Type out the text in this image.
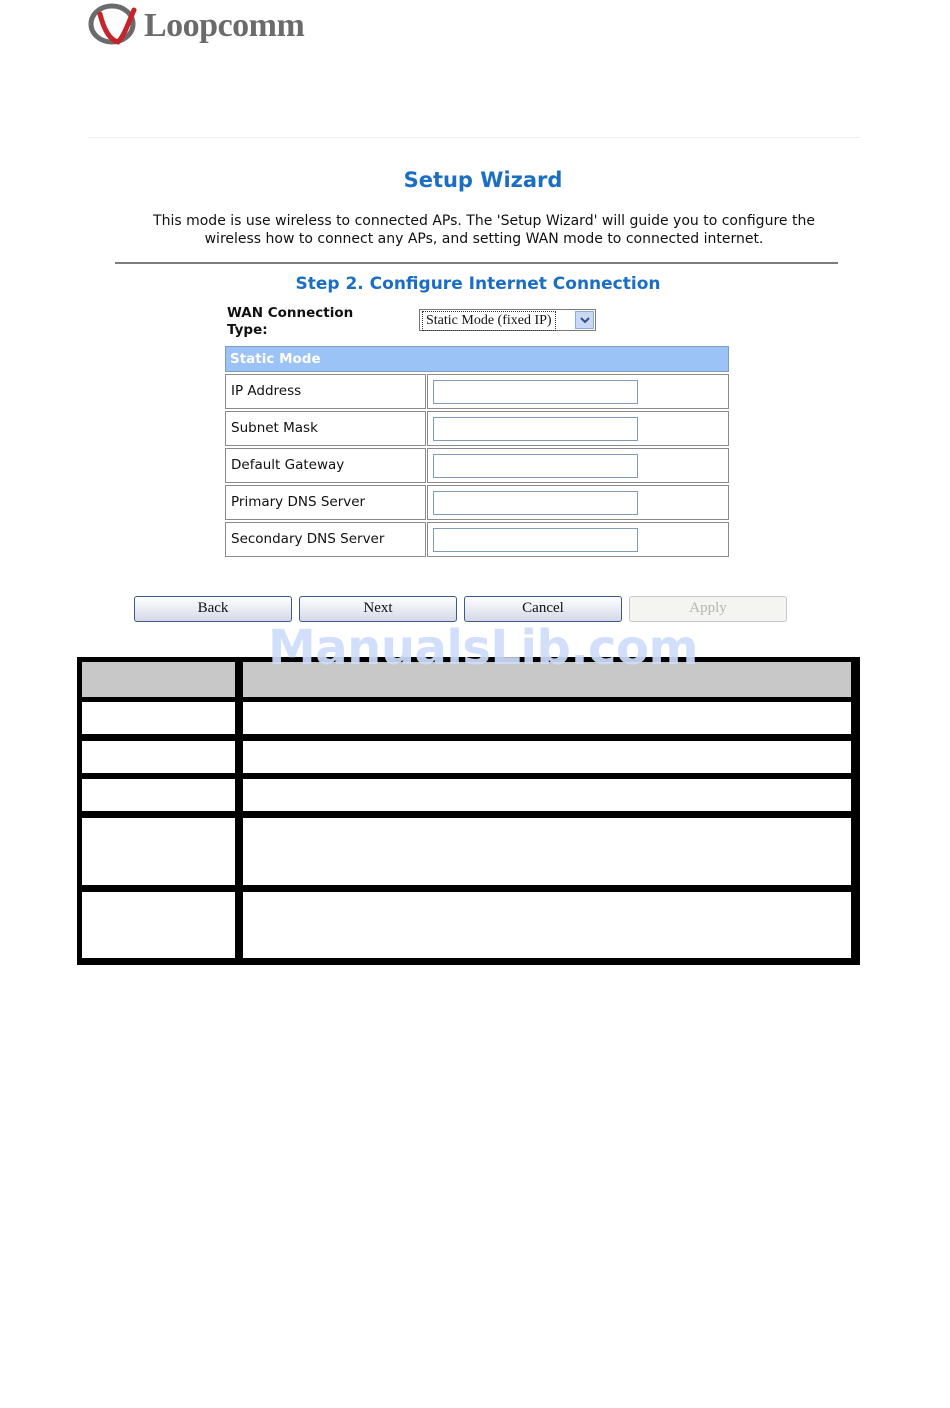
Loopcomm
Setup Wizard
This mode is use wireless to connected APs. The 'Setup Wizard' will guide you to configure the wireless how to connect any APs, and setting WAN mode to connected internet.
Step 2. Configure Internet Connection
WAN Connection Type:
Static Mode (fixed IP)
Static Mode
IP Address
Subnet Mask
Default Gateway
Primary DNS Server
Secondary DNS Server
Back	Next	Cancel	Apply
ManualsLib.com
